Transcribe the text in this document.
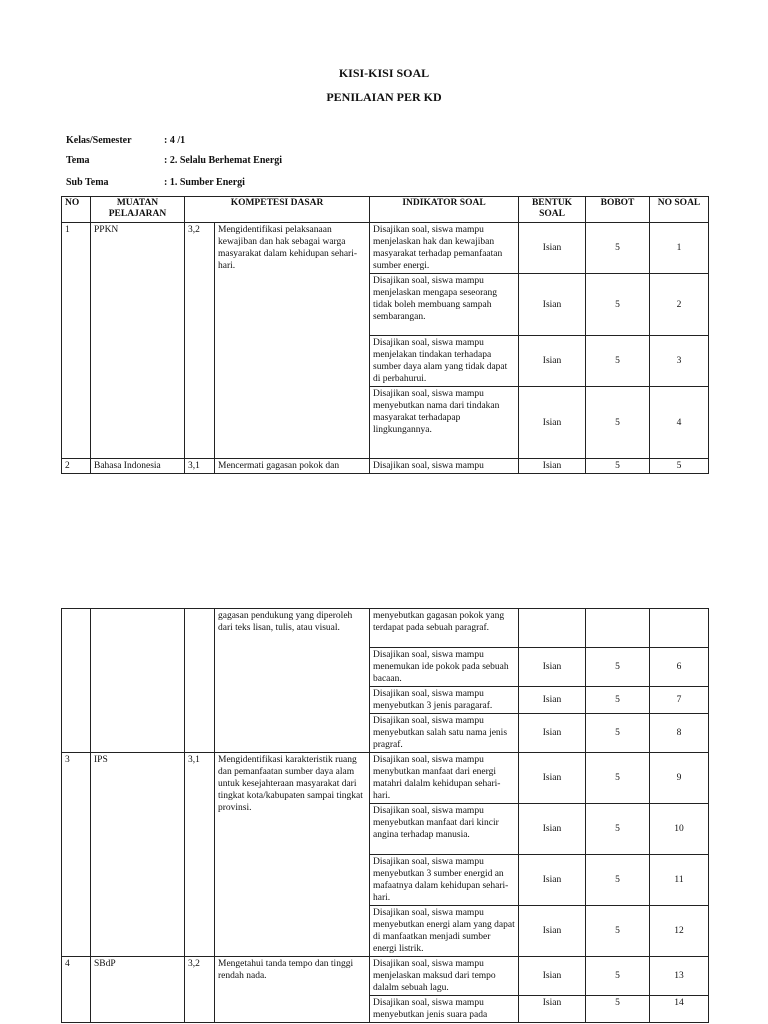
KISI-KISI SOAL
PENILAIAN PER KD
Kelas/Semester	: 4 /1
Tema	: 2. Selalu Berhemat Energi
Sub Tema	: 1. Sumber Energi
NO	MUATAN PELAJARAN	KOMPETESI DASAR		INDIKATOR SOAL	BENTUK SOAL	BOBOT	NO SOAL
1	PPKN	3,2	Mengidentifikasi pelaksanaan kewajiban dan hak sebagai warga masyarakat dalam kehidupan sehari-hari.	Disajikan soal, siswa mampu menjelaskan hak dan kewajiban masyarakat terhadap pemanfaatan sumber energi.	Isian	5	1
				Disajikan soal, siswa mampu menjelaskan mengapa seseorang tidak boleh membuang sampah sembarangan.	Isian	5	2
				Disajikan soal, siswa mampu menjelakan tindakan terhadapa sumber daya alam yang tidak dapat di perbahurui.	Isian	5	3
				Disajikan soal, siswa mampu menyebutkan nama dari tindakan masyarakat terhadapap lingkungannya.	Isian	5	4
2	Bahasa Indonesia	3,1	Mencermati gagasan pokok dan	Disajikan soal, siswa mampu	Isian	5	5
			gagasan pendukung yang diperoleh dari teks lisan, tulis, atau visual.	menyebutkan gagasan pokok yang terdapat pada sebuah paragraf.			
				Disajikan soal, siswa mampu menemukan ide pokok pada sebuah bacaan.	Isian	5	6
				Disajikan soal, siswa mampu menyebutkan 3 jenis paragaraf.	Isian	5	7
				Disajikan soal, siswa mampu menyebutkan salah satu nama jenis pragraf.	Isian	5	8
3	IPS	3,1	Mengidentifikasi karakteristik ruang dan pemanfaatan sumber daya alam untuk kesejahteraan masyarakat dari tingkat kota/kabupaten sampai tingkat provinsi.	Disajikan soal, siswa mampu menybutkan manfaat dari energi matahri dalalm kehidupan sehari- hari.	Isian	5	9
				Disajikan soal, siswa mampu menyebutkan manfaat dari kincir angina terhadap manusia.	Isian	5	10
				Disajikan soal, siswa mampu menyebutkan 3 sumber energid an mafaatnya dalam kehidupan sehari-hari.	Isian	5	11
				Disajikan soal, siswa mampu menyebutkan energi alam yang dapat di manfaatkan menjadi sumber energi listrik.	Isian	5	12
4	SBdP	3,2	Mengetahui tanda tempo dan tinggi rendah nada.	Disajikan soal, siswa mampu menjelaskan maksud dari tempo dalalm sebuah lagu.	Isian	5	13
				Disajikan soal, siswa mampu menyebutkan jenis suara pada	Isian	5	14
